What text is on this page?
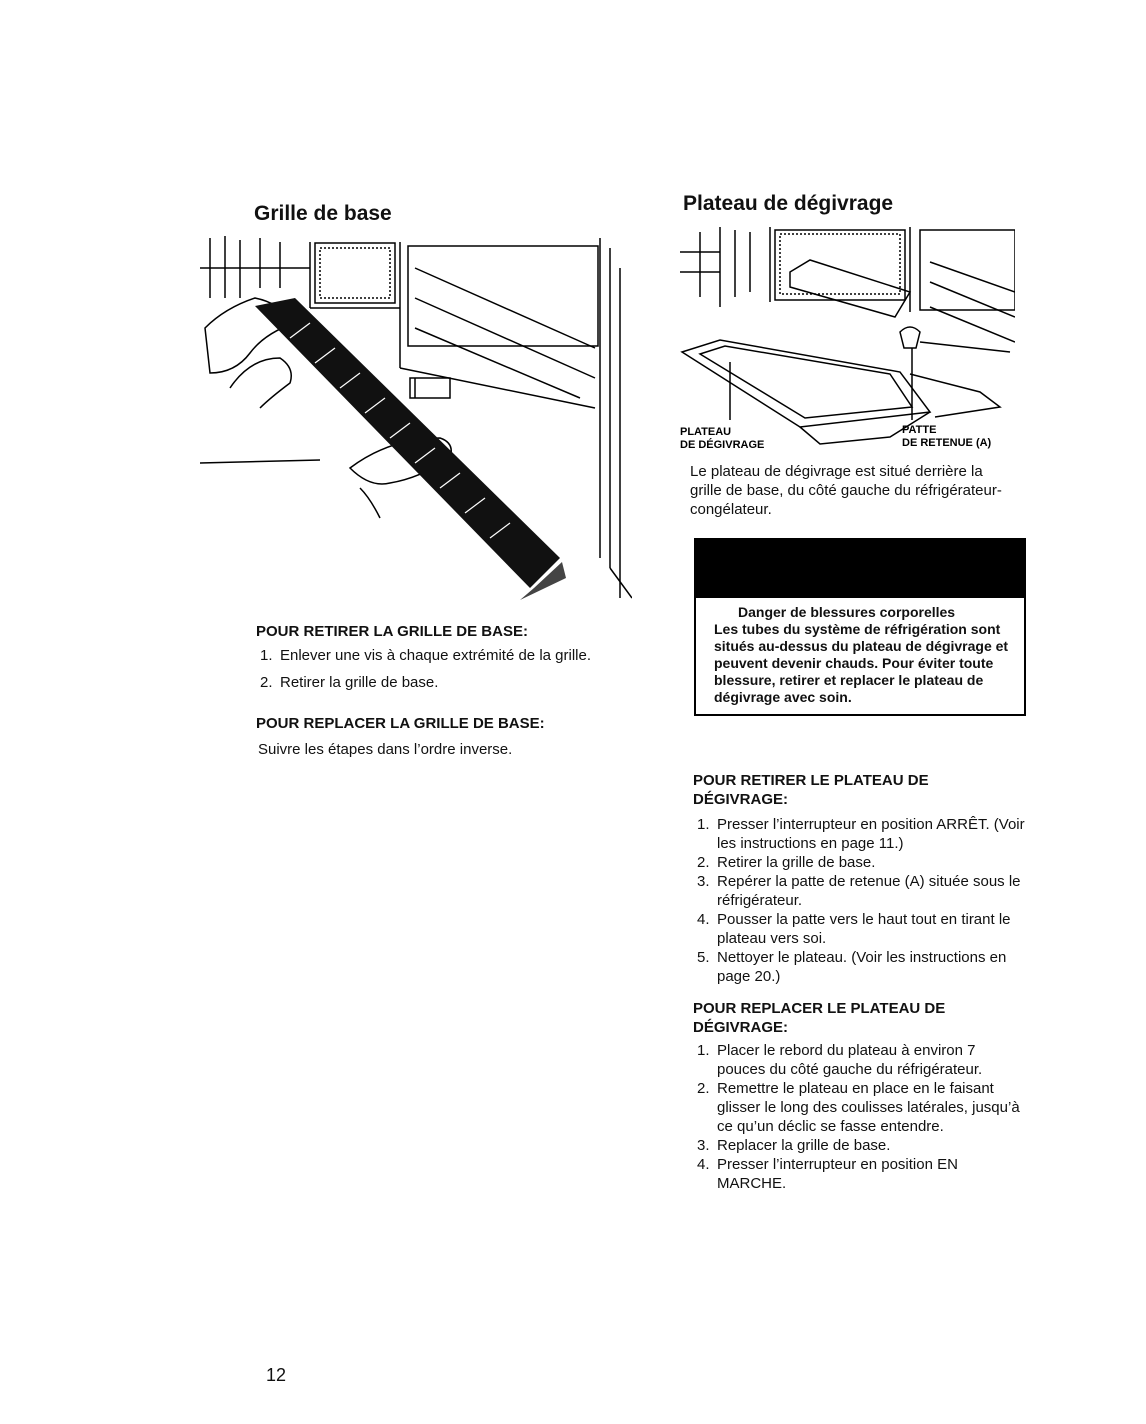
Grille de base

POUR RETIRER LA GRILLE DE BASE:

1. Enlever une vis à chaque extrémité de la grille.
2. Retirer la grille de base.

POUR REPLACER LA GRILLE DE BASE:

Suivre les étapes dans l’ordre inverse.

Plateau de dégivrage
PLATEAU
DE DÉGIVRAGE
PATTE
DE RETENUE (A)

Le plateau de dégivrage est situé derrière la grille de base, du côté gauche du réfrigérateur-congélateur.

Danger de blessures corporelles
Les tubes du système de réfrigération sont situés au-dessus du plateau de dégivrage et peuvent devenir chauds. Pour éviter toute blessure, retirer et replacer le plateau de dégivrage avec soin.

POUR RETIRER LE PLATEAU DE DÉGIVRAGE:

1. Presser l’interrupteur en position ARRÊT. (Voir les instructions en page 11.)
2. Retirer la grille de base.
3. Repérer la patte de retenue (A) située sous le réfrigérateur.
4. Pousser la patte vers le haut tout en tirant le plateau vers soi.
5. Nettoyer le plateau. (Voir les instructions en page 20.)

POUR REPLACER LE PLATEAU DE DÉGIVRAGE:

1. Placer le rebord du plateau à environ 7 pouces du côté gauche du réfrigérateur.
2. Remettre le plateau en place en le faisant glisser le long des coulisses latérales, jusqu’à ce qu’un déclic se fasse entendre.
3. Replacer la grille de base.
4. Presser l’interrupteur en position EN MARCHE.
12
